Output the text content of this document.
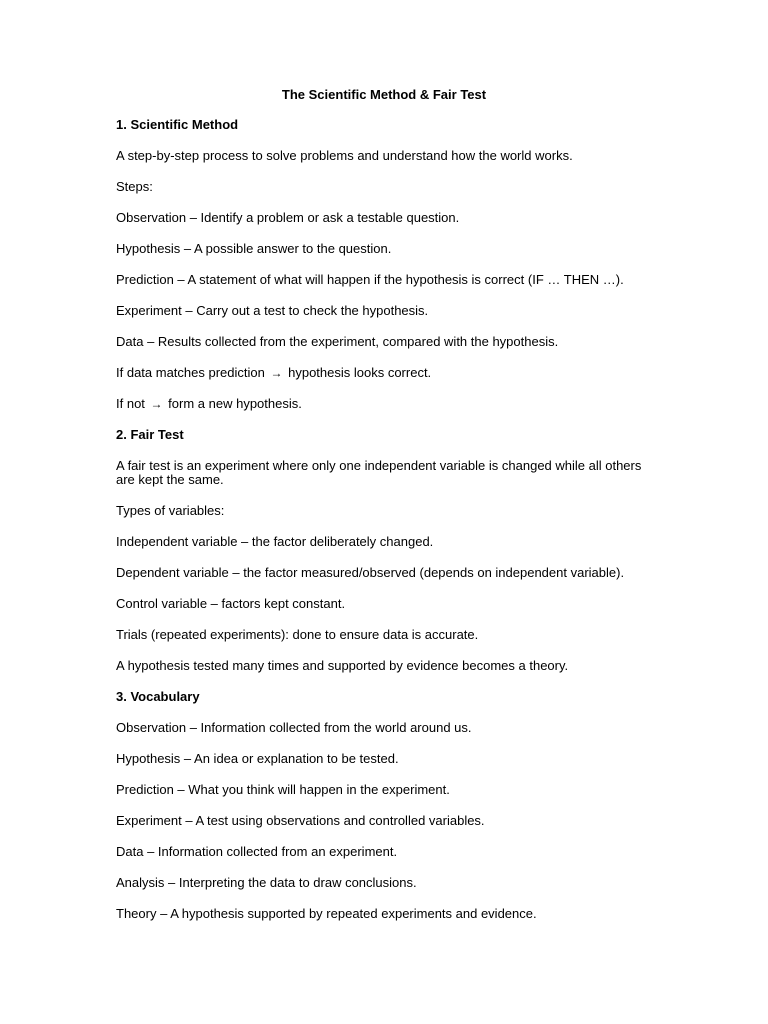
The Scientific Method & Fair Test
1. Scientific Method
A step-by-step process to solve problems and understand how the world works.
Steps:
Observation – Identify a problem or ask a testable question.
Hypothesis – A possible answer to the question.
Prediction – A statement of what will happen if the hypothesis is correct (IF … THEN …).
Experiment – Carry out a test to check the hypothesis.
Data – Results collected from the experiment, compared with the hypothesis.
If data matches prediction → hypothesis looks correct.
If not → form a new hypothesis.
2. Fair Test
A fair test is an experiment where only one independent variable is changed while all others are kept the same.
Types of variables:
Independent variable – the factor deliberately changed.
Dependent variable – the factor measured/observed (depends on independent variable).
Control variable – factors kept constant.
Trials (repeated experiments): done to ensure data is accurate.
A hypothesis tested many times and supported by evidence becomes a theory.
3. Vocabulary
Observation – Information collected from the world around us.
Hypothesis – An idea or explanation to be tested.
Prediction – What you think will happen in the experiment.
Experiment – A test using observations and controlled variables.
Data – Information collected from an experiment.
Analysis – Interpreting the data to draw conclusions.
Theory – A hypothesis supported by repeated experiments and evidence.
